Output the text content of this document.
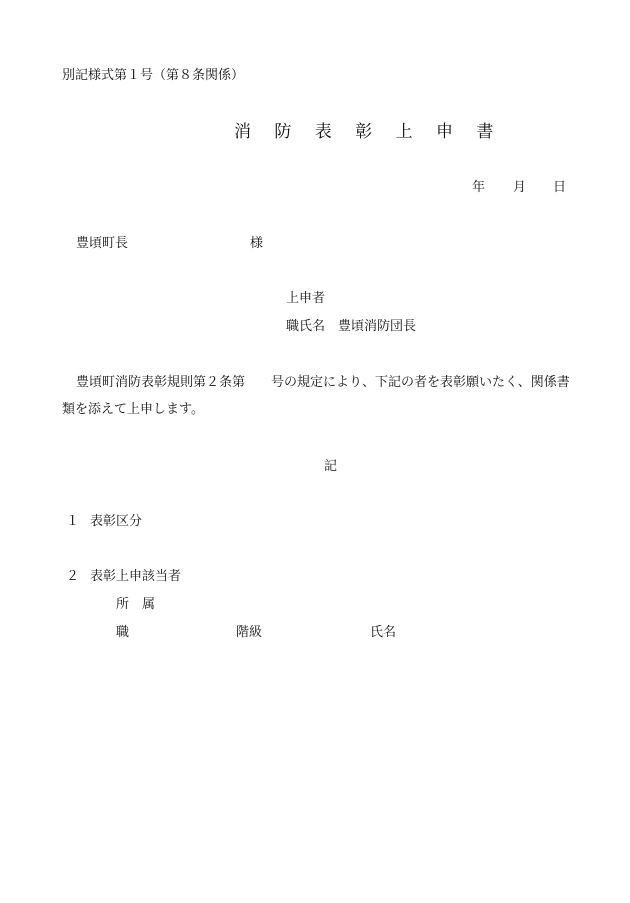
別記様式第１号（第８条関係）
消 防 表 彰 上 申 書
年 月 日
豊頃町長	様
上申者
職氏名 豊頃消防団長
豊頃町消防表彰規則第２条第　　号の規定により、下記の者を表彰願いたく、関係書
類を添えて上申します。
記
１ 表彰区分
２ 表彰上申該当者
所　属
職	階級	氏名
